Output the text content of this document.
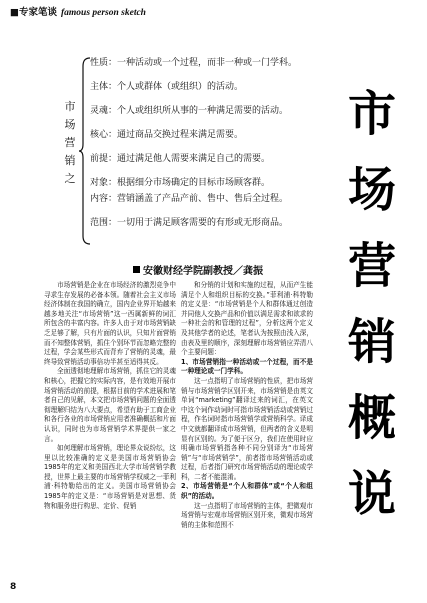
■专家笔谈 famous person sketch
市
场
营
销
之
性质：一种活动或一个过程，而非一种或一门学科。
主体：个人或群体（或组织）的活动。
灵魂：个人或组织所从事的一种满足需要的活动。
核心：通过商品交换过程来满足需要。
前提：通过满足他人需要来满足自己的需要。
对象：根据细分市场确定的目标市场顾客群。
内容：营销涵盖了产品产前、售中、售后全过程。
范围：一切用于满足顾客需要的有形或无形商品。
市
场
营
销
概
说
安徽财经学院副教授／龚振

市场营销是企业在市场经济的激烈竞争中寻求生存发展的必备本领。随着社会主义市场经济体制在我国的确立，国内企业界开始越来越多地关注“市场营销”这一西属新鲜的词汇所包含的丰富内容。许多人由于对市场营销缺乏足够了解，只有片面的认识，只知片面营销而不知整体营销，抓住个别环节而忽略完整的过程，学会某些形式而背弃了营销的灵魂，最终导致营销活动事倍功半甚至适得其反。

全面透彻地理解市场营销，抓住它的灵魂和核心，把握它的实际内容，是有效地开展市场营销活动的前提，根据目前的学术进展和笔者自己的见解，本文把市场营销问题的全面透彻理解归结为八大要点，希望有助于工商企业和各行各业的市场营销应用者准确概括和片面认识，同时也为市场营销学术界提供一家之言。

如何理解市场营销，理论界众说纷纭，这里以比较准确的定义是美国市场营销协会1985年的定义和美国西北大学市场营销学教授，世界上最主要的市场营销学权威之一菲利浦·科特勒给出的定义。美国市场营销协会1985年的定义是：“市场营销是对思想、货物和服务进行构思、定价、促销

和分销的计划和实施的过程，从而产生能满足个人和组织目标的交换。”菲利浦·科特勒的定义是：“市场营销是个人和群体通过创造并同他人交换产品和价值以满足需求和欲求的一种社会的和管理的过程”，分析这两个定义及其他学者的论述，笔者认为按照由浅入深，由表及里的顺序，深刻理解市场营销应弄清八个主要问题：

1、市场营销指一种活动或一个过程，而不是一种理论或一门学科。

这一点指明了市场营销的性质，把市场营销与市场营销学区别开来，市场营销是由英文单词“marketing”翻译过来的词汇，在英文中这个词作动词时可指市场营销活动或营销过程，作名词时指市场营销学或营销科学。译成中文就都翻译成市场营销，但两者的含义是明显有区别的。为了便于区分，我们在使用时应明确市场营销指各种不同分别译为“市场营销”与“市场营销学”，前者指市场营销活动或过程，后者指门研究市场营销活动的理论或学科，二者不能混淆。

2、市场营销是“个人和群体”或“个人和组织”的活动。

这一点指明了市场营销的主体，把微观市场营销与宏观市场营销区别开来，微观市场营销的主体和范围不

8
